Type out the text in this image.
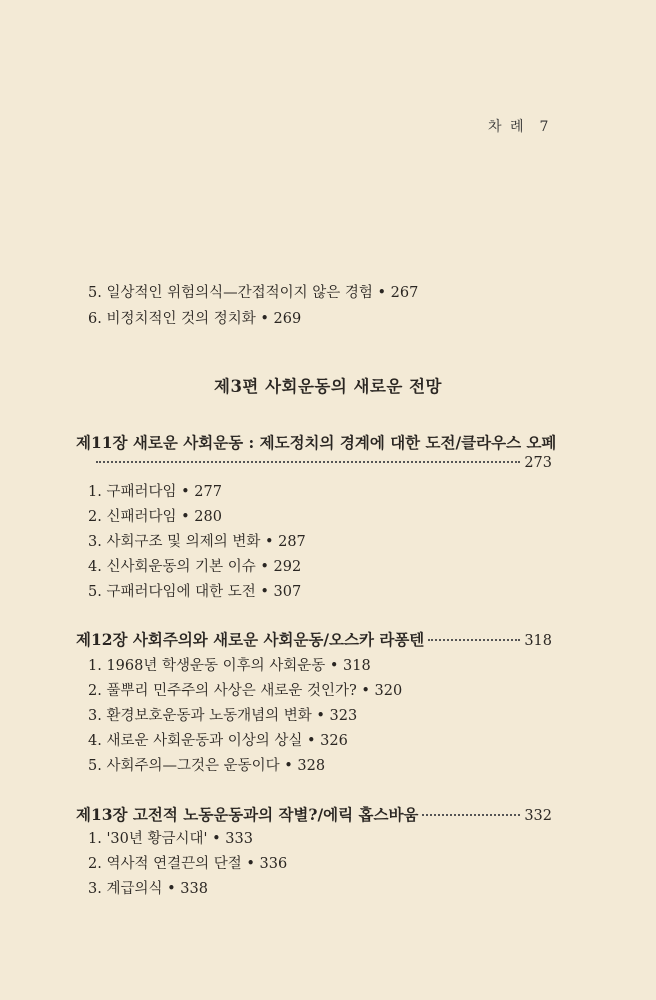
차 례 7
5. 일상적인 위험의식—간접적이지 않은 경험 • 267
6. 비정치적인 것의 정치화 • 269
제3편 사회운동의 새로운 전망
제11장 새로운 사회운동 : 제도정치의 경계에 대한 도전/클라우스 오페
273
1. 구패러다임 • 277
2. 신패러다임 • 280
3. 사회구조 및 의제의 변화 • 287
4. 신사회운동의 기본 이슈 • 292
5. 구패러다임에 대한 도전 • 307
제12장 사회주의와 새로운 사회운동/오스카 라퐁텐	318
1. 1968년 학생운동 이후의 사회운동 • 318
2. 풀뿌리 민주주의 사상은 새로운 것인가? • 320
3. 환경보호운동과 노동개념의 변화 • 323
4. 새로운 사회운동과 이상의 상실 • 326
5. 사회주의—그것은 운동이다 • 328
제13장 고전적 노동운동과의 작별?/에릭 홉스바움	332
1. '30년 황금시대' • 333
2. 역사적 연결끈의 단절 • 336
3. 계급의식 • 338
